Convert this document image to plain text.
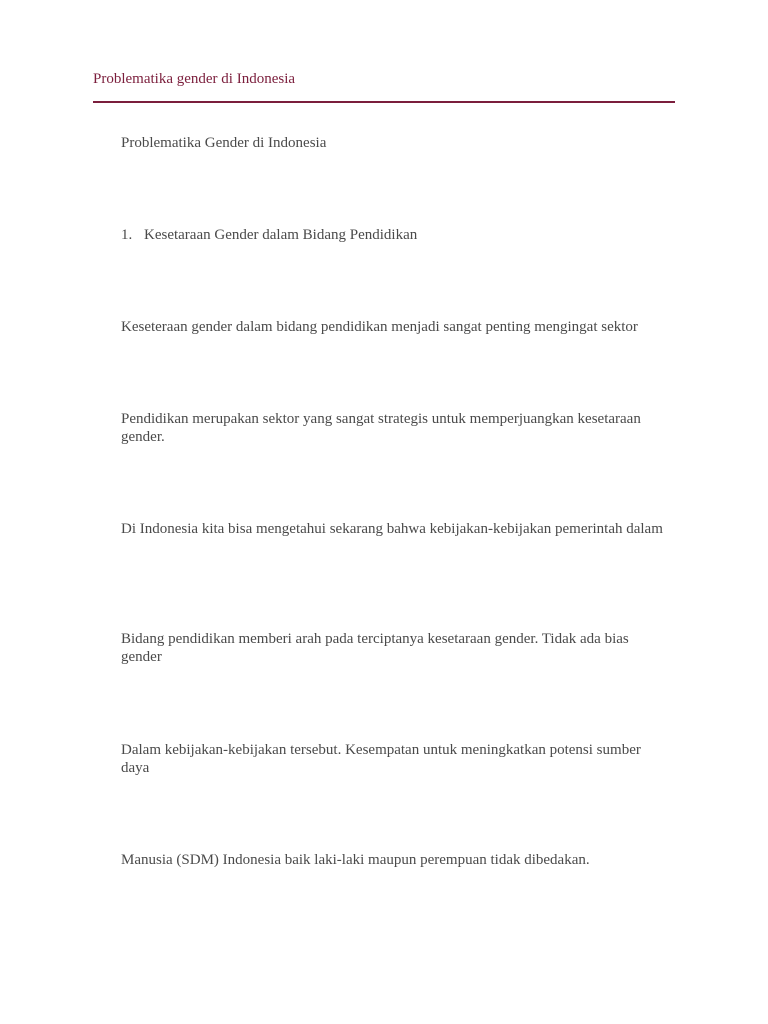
Problematika gender di Indonesia

Problematika Gender di Indonesia

1. Kesetaraan Gender dalam Bidang Pendidikan

Keseteraan gender dalam bidang pendidikan menjadi sangat penting mengingat sektor

Pendidikan merupakan sektor yang sangat strategis untuk memperjuangkan kesetaraan gender.

Di Indonesia kita bisa mengetahui sekarang bahwa kebijakan-kebijakan pemerintah dalam

Bidang pendidikan memberi arah pada terciptanya kesetaraan gender. Tidak ada bias gender

Dalam kebijakan-kebijakan tersebut. Kesempatan untuk meningkatkan potensi sumber daya

Manusia (SDM) Indonesia baik laki-laki maupun perempuan tidak dibedakan.
